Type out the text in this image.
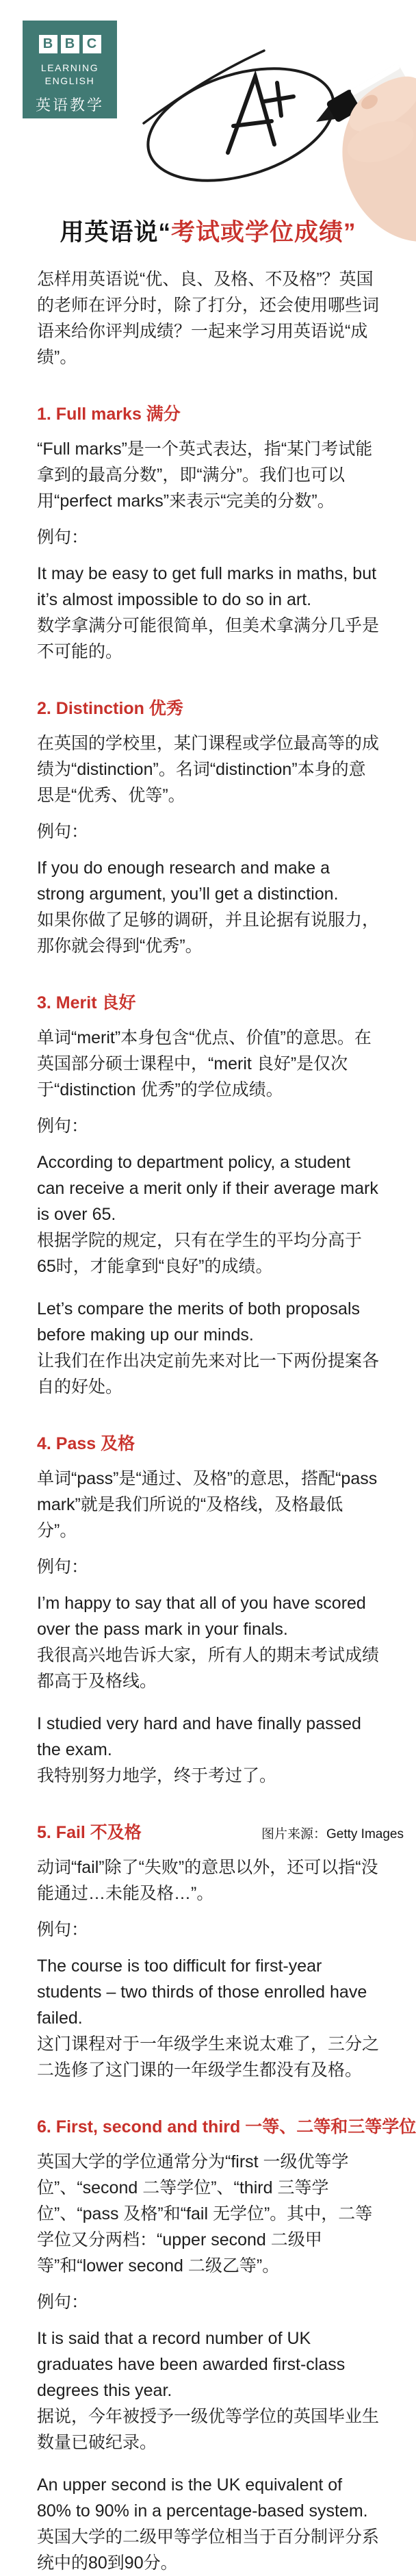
B B C
LEARNING
ENGLISH
英语教学
用英语说“考试或学位成绩”

怎样用英语说“优、良、及格、不及格”？英国的老师在评分时，除了打分，还会使用哪些词语来给你评判成绩？一起来学习用英语说“成绩”。

1. Full marks 满分

“Full marks”是一个英式表达，指“某门考试能拿到的最高分数”，即“满分”。我们也可以用“perfect marks”来表示“完美的分数”。

例句：

It may be easy to get full marks in maths, but it’s almost impossible to do so in art.

数学拿满分可能很简单，但美术拿满分几乎是不可能的。

2. Distinction 优秀

在英国的学校里，某门课程或学位最高等的成绩为“distinction”。名词“distinction”本身的意思是“优秀、优等”。

例句：

If you do enough research and make a strong argument, you’ll get a distinction.

如果你做了足够的调研，并且论据有说服力，那你就会得到“优秀”。

3. Merit 良好

单词“merit”本身包含“优点、价值”的意思。在英国部分硕士课程中，“merit 良好”是仅次于“distinction 优秀”的学位成绩。

例句：

According to department policy, a student can receive a merit only if their average mark is over 65.

根据学院的规定，只有在学生的平均分高于65时，才能拿到“良好”的成绩。

Let’s compare the merits of both proposals before making up our minds.

让我们在作出决定前先来对比一下两份提案各自的好处。

4. Pass 及格

单词“pass”是“通过、及格”的意思，搭配“pass mark”就是我们所说的“及格线，及格最低分”。

例句：

I’m happy to say that all of you have scored over the pass mark in your finals.

我很高兴地告诉大家，所有人的期末考试成绩都高于及格线。

I studied very hard and have finally passed the exam.

我特别努力地学，终于考过了。

5. Fail 不及格

动词“fail”除了“失败”的意思以外，还可以指“没能通过…未能及格…”。

例句：

The course is too difficult for first-year students – two thirds of those enrolled have failed.

这门课程对于一年级学生来说太难了，三分之二选修了这门课的一年级学生都没有及格。

6. First, second and third 一等、二等和三等学位

英国大学的学位通常分为“first 一级优等学位”、“second 二等学位”、“third 三等学位”、“pass 及格”和“fail 无学位”。其中，二等学位又分两档：“upper second 二级甲等”和“lower second 二级乙等”。

例句：

It is said that a record number of UK graduates have been awarded first-class degrees this year.

据说，今年被授予一级优等学位的英国毕业生数量已破纪录。

An upper second is the UK equivalent of 80% to 90% in a percentage-based system.

英国大学的二级甲等学位相当于百分制评分系统中的80到90分。

图片来源：Getty Images
